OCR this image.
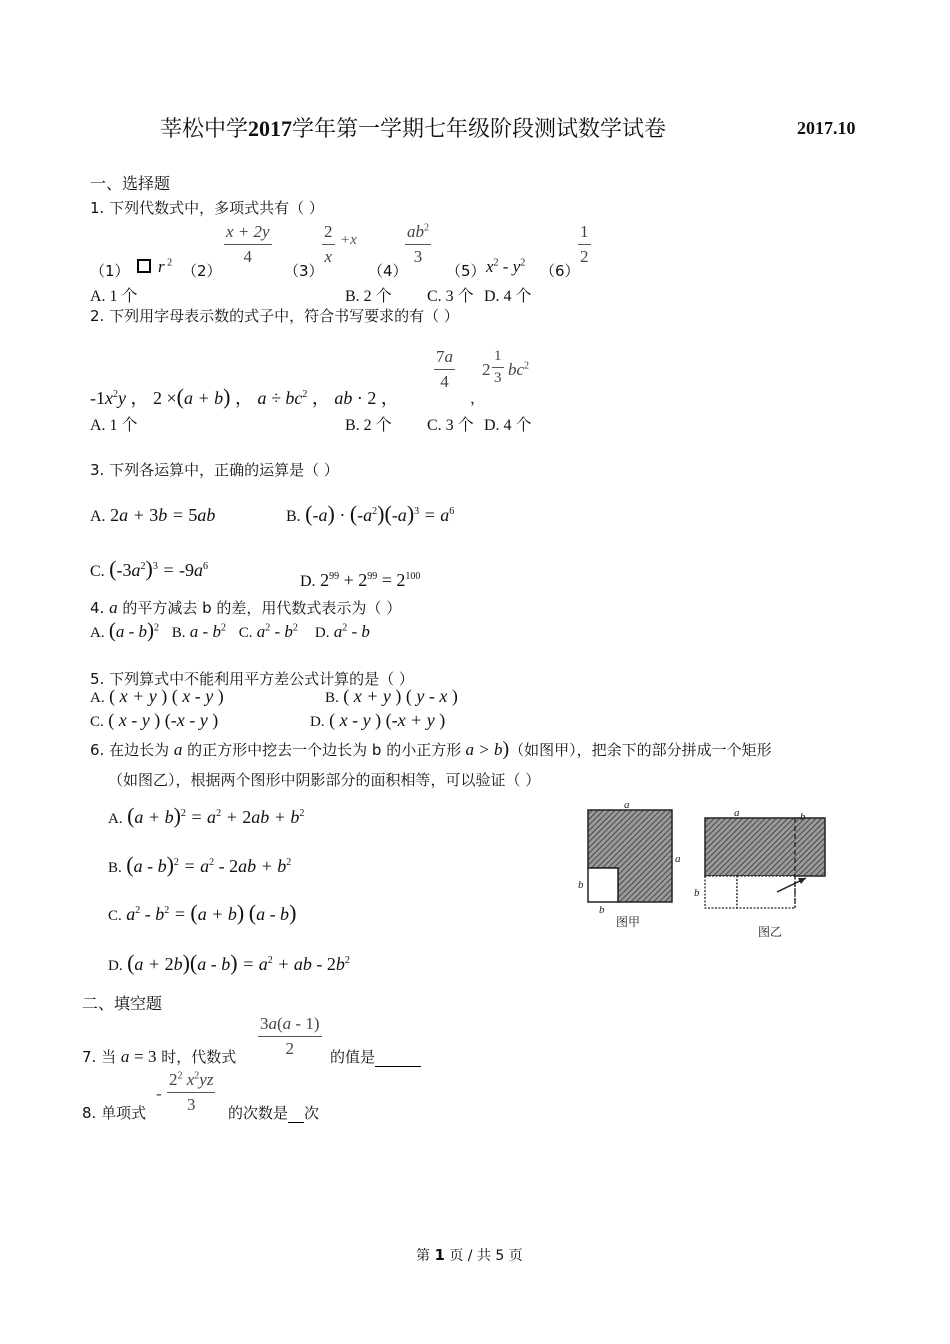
莘松中学2017学年第一学期七年级阶段测试数学试卷	2017.10
一、选择题
1. 下列代数式中，多项式共有（ ）
（1） r $^2$ （2）
$\frac{x + 2y}{4}$
（3）
$\frac{2}{x} +x$
（4）
$\frac{ab^2}{3}$
（5） $x^2 - y^2$ （6）
$\frac{1}{2}$
A. 1 个	B. 2 个 C. 3 个 D. 4 个
2. 下列用字母表示数的式子中，符合书写要求的有（ ）
$-1x^2y$ ， 2 ×(a + b) ， $a \div bc^2$ ， ab · 2 ，
$\frac{7a}{4}$
，
$2 \frac{1}{3} bc^2$
A. 1 个	B. 2 个 C. 3 个 D. 4 个
3. 下列各运算中，正确的运算是（ ）
A. 2a + 3b = 5ab	B. $(-a) \cdot (-a^2)(-a)^3 = a^6$
C. $(-3a^2)^3 = -9a^6$
D. $2^{99} + 2^{99} = 2^{100}$
4. a 的平方减去 b 的差，用代数式表示为（ ）
A. (a - b)$^2$ B. a - $b^2$ C. $a^2 - b^2$ D. $a^2$ - b
5. 下列算式中不能利用平方差公式计算的是（ ）
A. ( x + y ) ( x - y )	B. ( x + y ) ( y - x )
C. ( x - y ) (-x - y )	D. ( x - y ) (-x + y )
6. 在边长为 a 的正方形中挖去一个边长为 b 的小正方形 a > b)（如图甲），把余下的部分拼成一个矩形
（如图乙），根据两个图形中阴影部分的面积相等，可以验证（ ）
A. $(a + b)^2 = a^2 + 2ab + b^2$
B. $(a - b)^2 = a^2 - 2ab + b^2$
C. $a^2 - b^2 = (a + b)$ (a - b)
D. $(a + 2b)(a - b) = a^2$ + ab - $2b^2$
a
a
b
b
图甲
a	b
b
图乙
二、填空题
$\frac{3a(a - 1)}{2}$
7. 当 a = 3 时，代数式	的值是
- $\frac{2^2 x^2yz}{3}$
8. 单项式	的次数是 次
第 1 页 / 共 5 页
